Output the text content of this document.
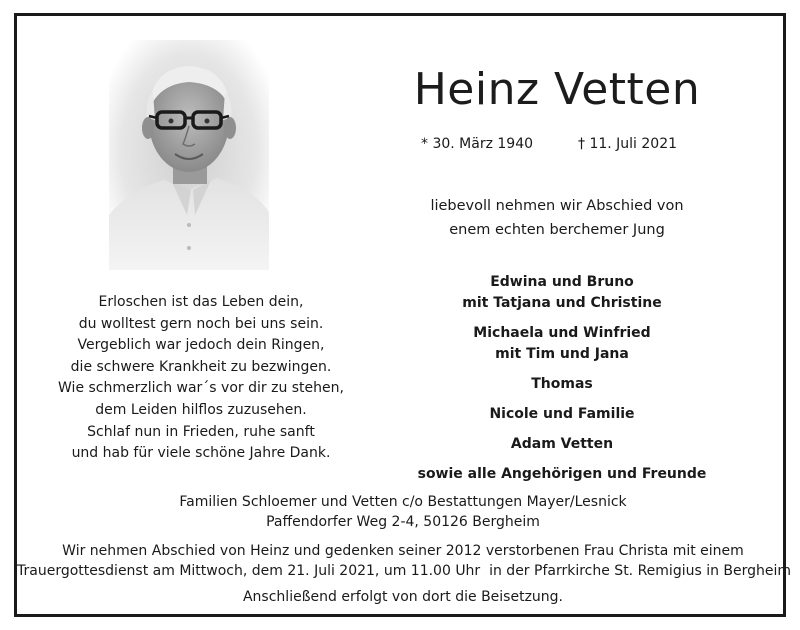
Heinz Vetten
* 30. März 1940	† 11. Juli 2021
liebevoll nehmen wir Abschied von
enem echten berchemer Jung
Erloschen ist das Leben dein,
du wolltest gern noch bei uns sein.
Vergeblich war jedoch dein Ringen,
die schwere Krankheit zu bezwingen.
Wie schmerzlich war´s vor dir zu stehen,
dem Leiden hilflos zuzusehen.
Schlaf nun in Frieden, ruhe sanft
und hab für viele schöne Jahre Dank.
Edwina und Bruno
mit Tatjana und Christine
Michaela und Winfried
mit Tim und Jana
Thomas
Nicole und Familie
Adam Vetten
sowie alle Angehörigen und Freunde
Familien Schloemer und Vetten c/o Bestattungen Mayer/Lesnick
Paffendorfer Weg 2-4, 50126 Bergheim
Wir nehmen Abschied von Heinz und gedenken seiner 2012 verstorbenen Frau Christa mit einem
Trauergottesdienst am Mittwoch, dem 21. Juli 2021, um 11.00 Uhr  in der Pfarrkirche St. Remigius in Bergheim
Anschließend erfolgt von dort die Beisetzung.
